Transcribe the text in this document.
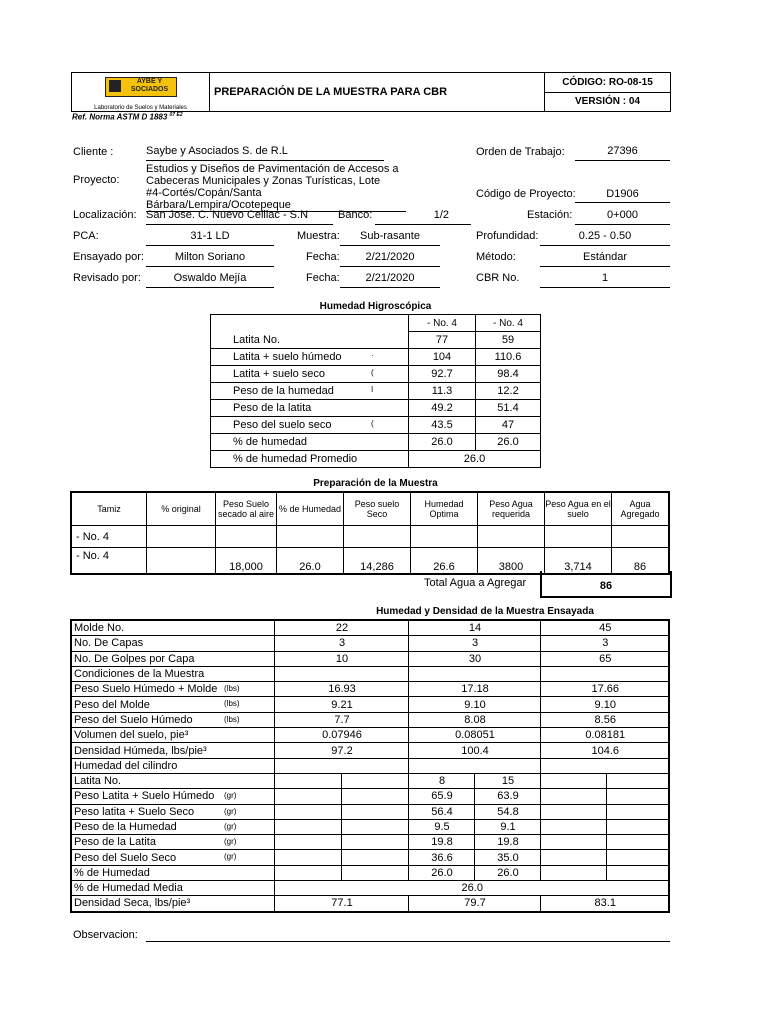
AYBE Y SOCIADOS
Laboratorio de Suelos y Materiales
	PREPARACIÓN DE LA MUESTRA PARA CBR	CÓDIGO: RO-08-15
VERSIÓN : 04
Ref. Norma ASTM D 1883 $^{07 E2}$
Cliente :	Saybe y Asociados S. de R.L	Orden de Trabajo:	27396
Proyecto:
Estudios y Diseños de Pavimentación de Accesos a
Cabeceras Municipales y Zonas Turísticas, Lote
#4-Cortés/Copán/Santa Bárbara/Lempira/Ocotepeque
Código de Proyecto:	D1906
Localización: San Jose. C. Nuevo Celilac - S.N	Banco:	1/2	Estación:	0+000
PCA:	31-1 LD	Muestra:	Sub-rasante	Profundidad:	0.25 - 0.50
Ensayado por:	Milton Soriano	Fecha:	2/21/2020	Método:	Estándar
Revisado por:	Oswaldo Mejía	Fecha:	2/21/2020	CBR No.	1
Humedad Higroscópica
	- No. 4	- No. 4
Latita No.	77	59
Latita + suelo húmedo ·	104	110.6
Latita + suelo seco (	92.7	98.4
Peso de la humedad I	11.3	12.2
Peso de la latita	49.2	51.4
Peso del suelo seco (	43.5	47
% de humedad	26.0	26.0
% de humedad Promedio	26.0	
Preparación de la Muestra
Tamiz	% original	Peso Suelo secado al aire	% de Humedad	Peso suelo Seco	Humedad Optima	Peso Agua requerida	Peso Agua en el suelo	Agua Agregado
- No. 4								
- No. 4		18,000	26.0	14,286	26.6	3800	3,714	86
Total Agua a Agregar	86
Humedad y Densidad de la Muestra Ensayada
Molde No.	22		14		45	
No. De Capas	3		3		3	
No. De Golpes por Capa	10		30		65	
Condiciones de la Muestra						
Peso Suelo Húmedo + Molde (lbs)	16.93		17.18		17.66	
Peso del Molde (lbs)	9.21		9.10		9.10	
Peso del Suelo Húmedo (lbs)	7.7		8.08		8.56	
Volumen del suelo, pie³	0.07946		0.08051		0.08181	
Densidad Húmeda, lbs/pie³	97.2		100.4		104.6	
Humedad del cilindro						
Latita No.			8	15		
Peso Latita + Suelo Húmedo (gr)			65.9	63.9		
Peso latita + Suelo Seco (gr)			56.4	54.8		
Peso de la Humedad (gr)			9.5	9.1		
Peso de la Latita (gr)			19.8	19.8		
Peso del Suelo Seco (gr)			36.6	35.0		
% de Humedad			26.0	26.0		
% de Humedad Media	26.0					
Densidad Seca, lbs/pie³	77.1		79.7		83.1	
Observacion:
